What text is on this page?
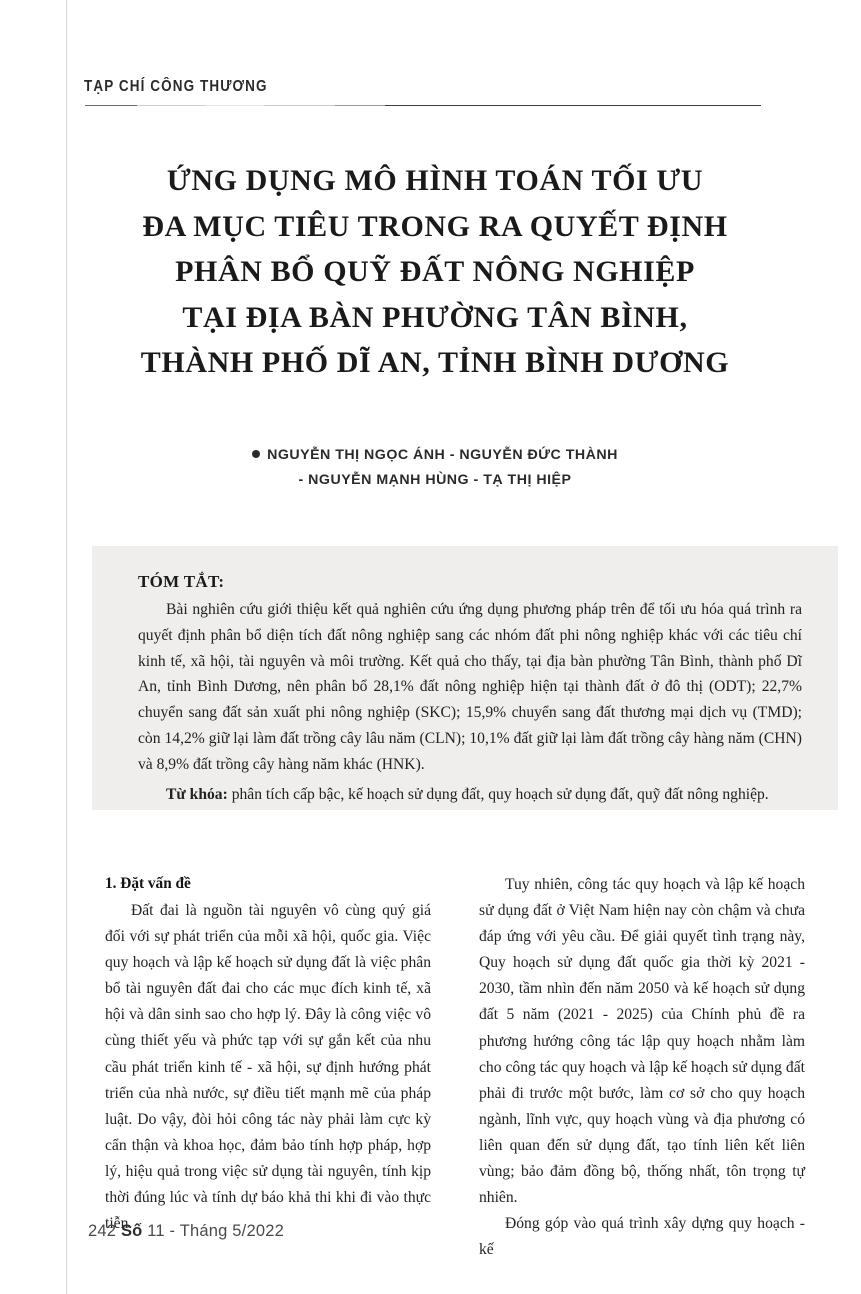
TẠP CHÍ CÔNG THƯƠNG
ỨNG DỤNG MÔ HÌNH TOÁN TỐI ƯU
ĐA MỤC TIÊU TRONG RA QUYẾT ĐỊNH
PHÂN BỔ QUỸ ĐẤT NÔNG NGHIỆP
TẠI ĐỊA BÀN PHƯỜNG TÂN BÌNH,
THÀNH PHỐ DĨ AN, TỈNH BÌNH DƯƠNG
NGUYỄN THỊ NGỌC ÁNH - NGUYỄN ĐỨC THÀNH
- NGUYỄN MẠNH HÙNG - TẠ THỊ HIỆP
TÓM TẮT:

Bài nghiên cứu giới thiệu kết quả nghiên cứu ứng dụng phương pháp trên để tối ưu hóa quá trình ra quyết định phân bổ diện tích đất nông nghiệp sang các nhóm đất phi nông nghiệp khác với các tiêu chí kinh tế, xã hội, tài nguyên và môi trường. Kết quả cho thấy, tại địa bàn phường Tân Bình, thành phố Dĩ An, tỉnh Bình Dương, nên phân bổ 28,1% đất nông nghiệp hiện tại thành đất ở đô thị (ODT); 22,7% chuyển sang đất sản xuất phi nông nghiệp (SKC); 15,9% chuyển sang đất thương mại dịch vụ (TMD); còn 14,2% giữ lại làm đất trồng cây lâu năm (CLN); 10,1% đất giữ lại làm đất trồng cây hàng năm (CHN) và 8,9% đất trồng cây hàng năm khác (HNK).

Từ khóa: phân tích cấp bậc, kế hoạch sử dụng đất, quy hoạch sử dụng đất, quỹ đất nông nghiệp.

1. Đặt vấn đề

Đất đai là nguồn tài nguyên vô cùng quý giá đối với sự phát triển của mỗi xã hội, quốc gia. Việc quy hoạch và lập kế hoạch sử dụng đất là việc phân bổ tài nguyên đất đai cho các mục đích kinh tế, xã hội và dân sinh sao cho hợp lý. Đây là công việc vô cùng thiết yếu và phức tạp với sự gắn kết của nhu cầu phát triển kinh tế - xã hội, sự định hướng phát triển của nhà nước, sự điều tiết mạnh mẽ của pháp luật. Do vậy, đòi hỏi công tác này phải làm cực kỳ cẩn thận và khoa học, đảm bảo tính hợp pháp, hợp lý, hiệu quả trong việc sử dụng tài nguyên, tính kịp thời đúng lúc và tính dự báo khả thi khi đi vào thực tiễn.

Tuy nhiên, công tác quy hoạch và lập kế hoạch sử dụng đất ở Việt Nam hiện nay còn chậm và chưa đáp ứng với yêu cầu. Để giải quyết tình trạng này, Quy hoạch sử dụng đất quốc gia thời kỳ 2021 - 2030, tầm nhìn đến năm 2050 và kế hoạch sử dụng đất 5 năm (2021 - 2025) của Chính phủ đề ra phương hướng công tác lập quy hoạch nhằm làm cho công tác quy hoạch và lập kế hoạch sử dụng đất phải đi trước một bước, làm cơ sở cho quy hoạch ngành, lĩnh vực, quy hoạch vùng và địa phương có liên quan đến sử dụng đất, tạo tính liên kết liên vùng; bảo đảm đồng bộ, thống nhất, tôn trọng tự nhiên.

Đóng góp vào quá trình xây dựng quy hoạch - kế

242 Số 11 - Tháng 5/2022
